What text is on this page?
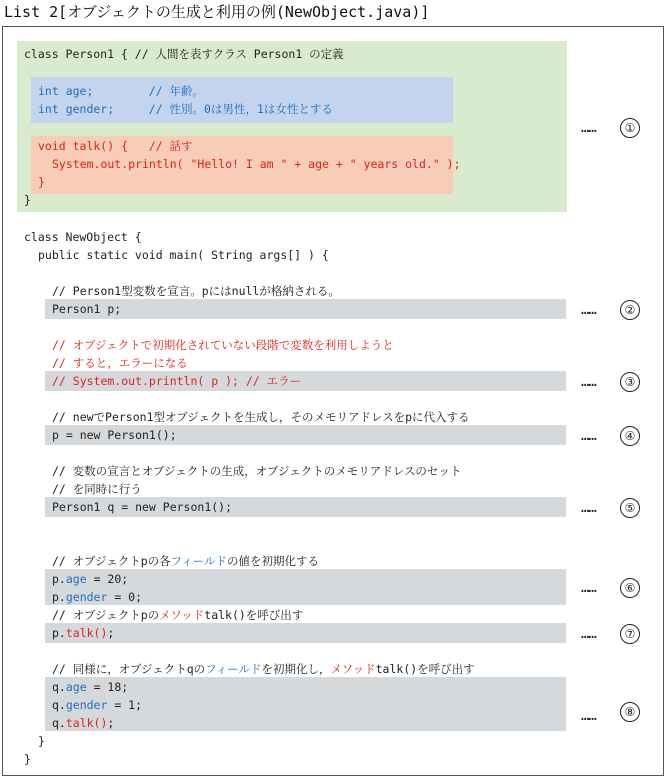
List 2[オブジェクトの生成と利用の例(NewObject.java)]
class Person1 { // 人間を表すクラス Person1 の定義
int age;        // 年齢。
int gender;     // 性別。0は男性，1は女性とする
void talk() {   // 話す
System.out.println( "Hello! I am " + age + " years old." );
}
}
class NewObject {
public static void main( String args[] ) {
// Person1型変数を宣言。pにはnullが格納される。
Person1 p;
// オブジェクトで初期化されていない段階で変数を利用しようと
// すると，エラーになる
// System.out.println( p ); // エラー
// newでPerson1型オブジェクトを生成し，そのメモリアドレスをpに代入する
p = new Person1();
// 変数の宣言とオブジェクトの生成，オブジェクトのメモリアドレスのセット
// を同時に行う
Person1 q = new Person1();
// オブジェクトpの各フィールドの値を初期化する
p.age = 20;
p.gender = 0;
// オブジェクトpのメソッドtalk()を呼び出す
p.talk();
// 同様に，オブジェクトqのフィールドを初期化し，メソッドtalk()を呼び出す
q.age = 18;
q.gender = 1;
q.talk();
}
}
……	①
……	②
……	③
……	④
……	⑤
……	⑥
……	⑦
……	⑧
